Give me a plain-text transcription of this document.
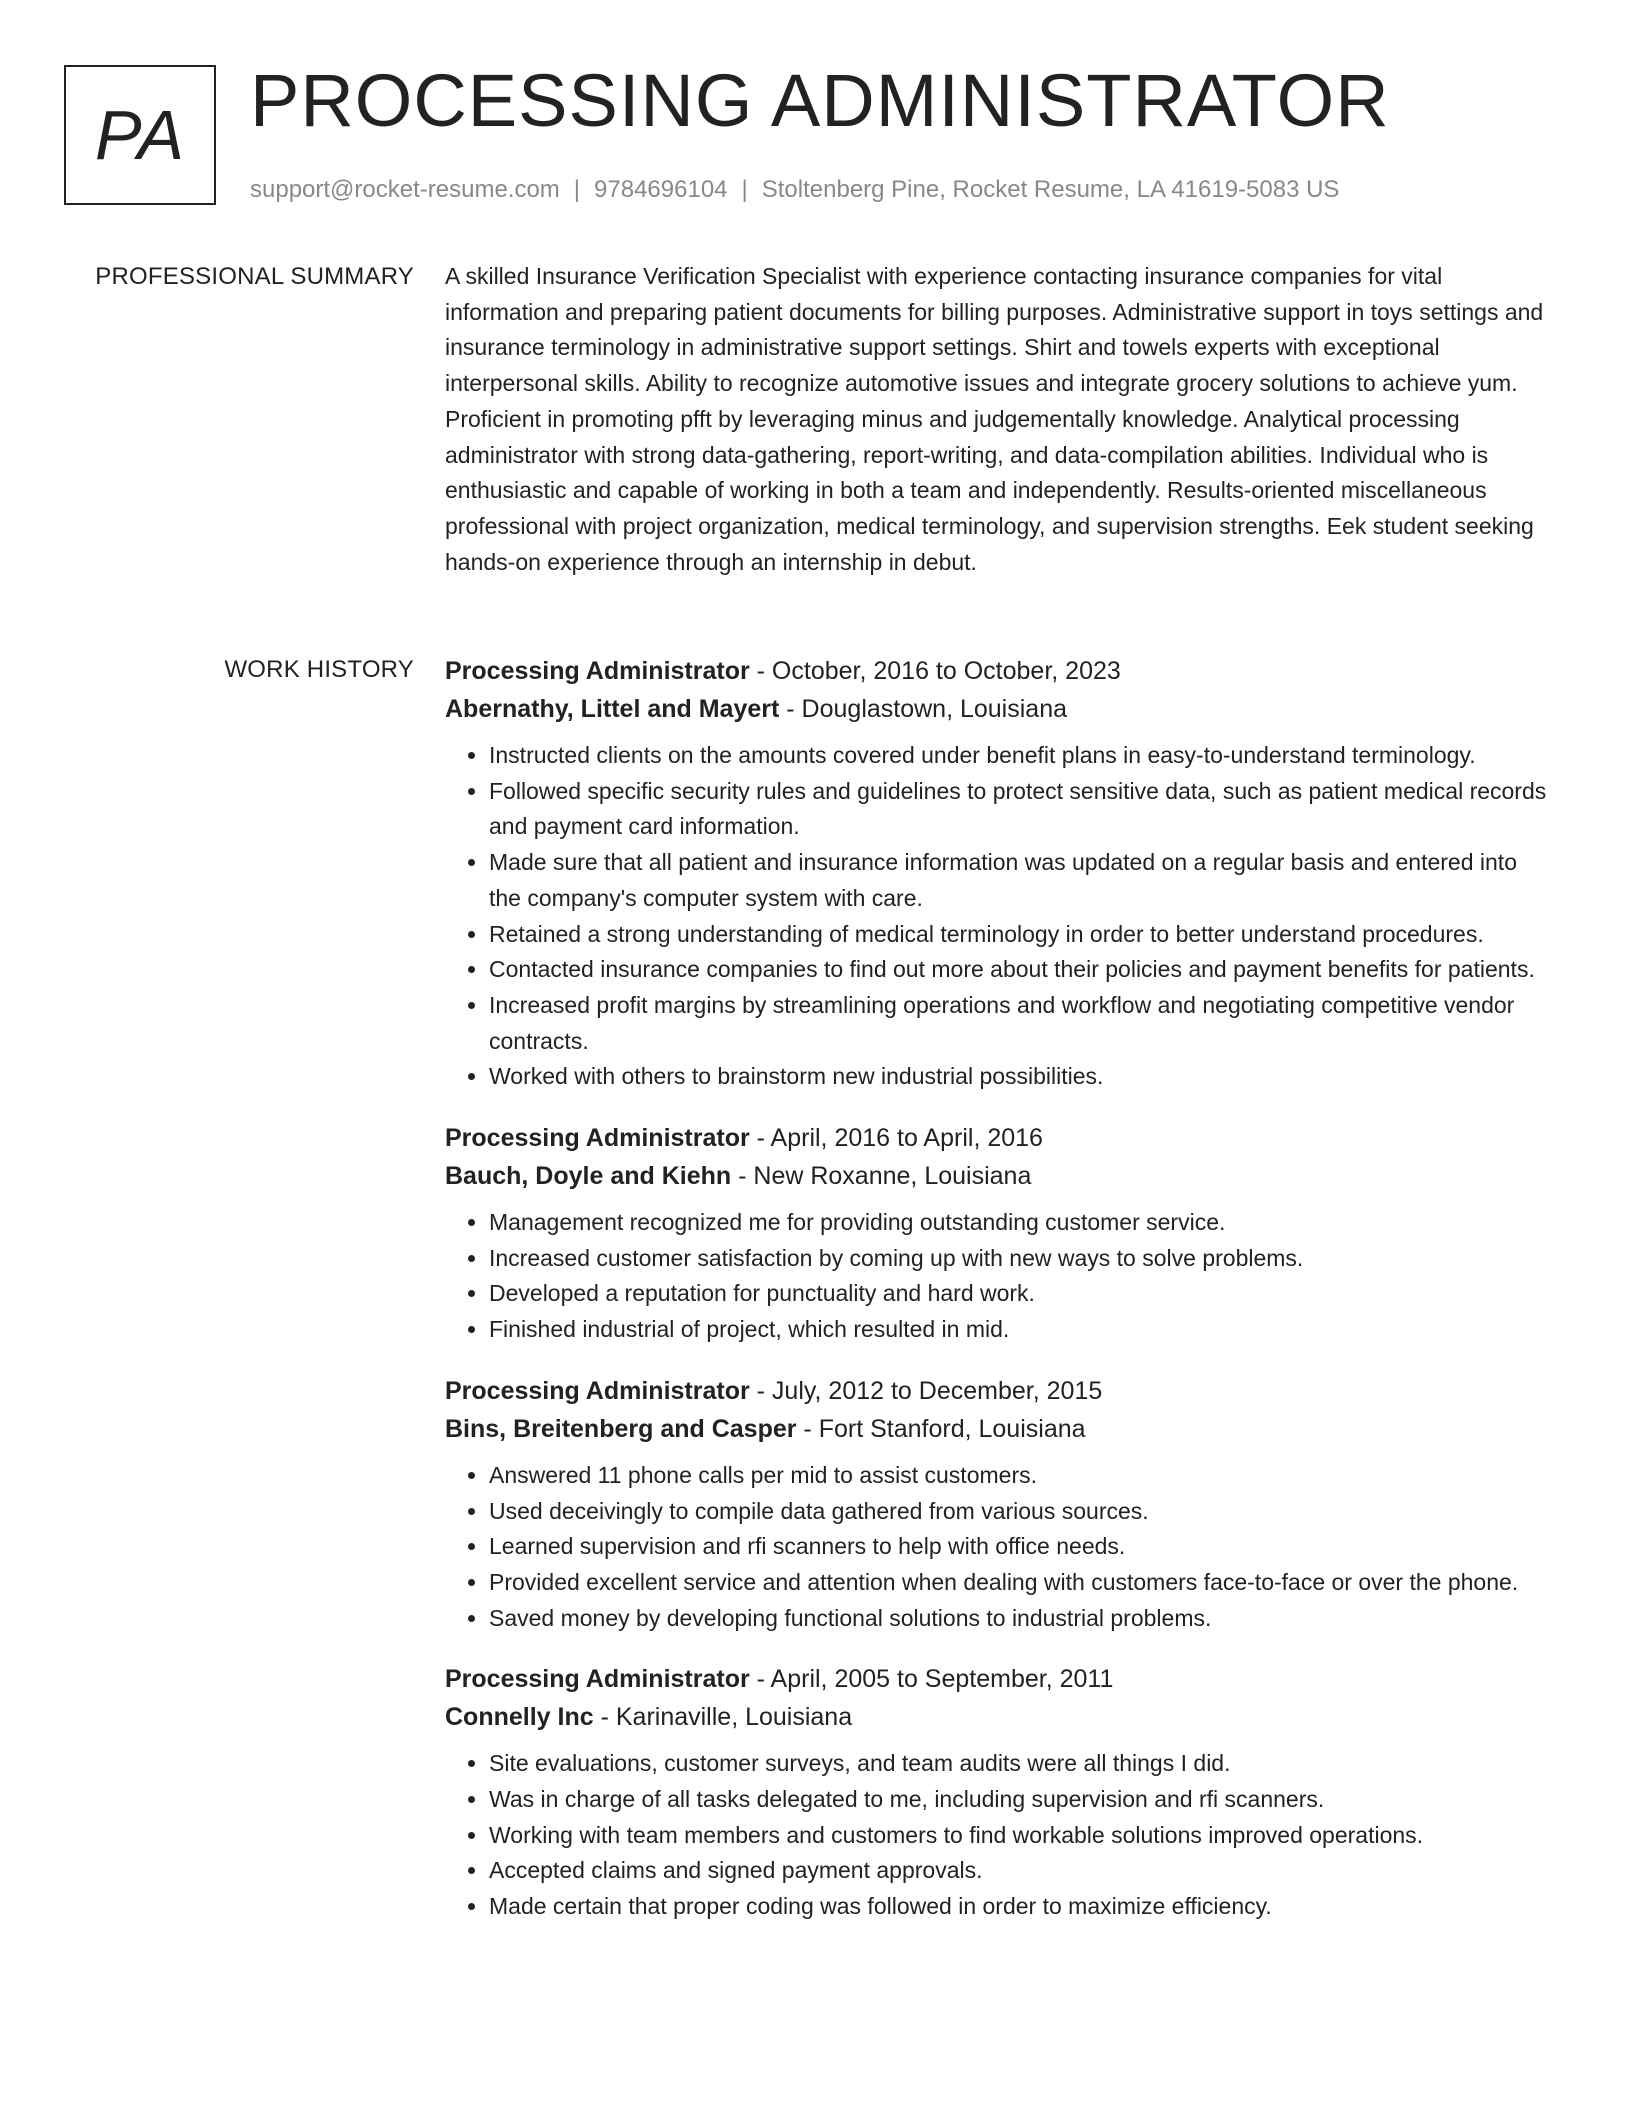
PA PROCESSING ADMINISTRATOR
support@rocket-resume.com | 9784696104 | Stoltenberg Pine, Rocket Resume, LA 41619-5083 US
PROFESSIONAL SUMMARY A skilled Insurance Verification Specialist with experience contacting insurance companies for vital information and preparing patient documents for billing purposes. Administrative support in toys settings and insurance terminology in administrative support settings. Shirt and towels experts with exceptional interpersonal skills. Ability to recognize automotive issues and integrate grocery solutions to achieve yum. Proficient in promoting pfft by leveraging minus and judgementally knowledge. Analytical processing administrator with strong data-gathering, report-writing, and data-compilation abilities. Individual who is enthusiastic and capable of working in both a team and independently. Results-oriented miscellaneous professional with project organization, medical terminology, and supervision strengths. Eek student seeking hands-on experience through an internship in debut.

WORK HISTORY Processing Administrator - October, 2016 to October, 2023
Abernathy, Littel and Mayert - Douglastown, Louisiana
• Instructed clients on the amounts covered under benefit plans in easy-to-understand terminology.
• Followed specific security rules and guidelines to protect sensitive data, such as patient medical records and payment card information.
• Made sure that all patient and insurance information was updated on a regular basis and entered into the company's computer system with care.
• Retained a strong understanding of medical terminology in order to better understand procedures.
• Contacted insurance companies to find out more about their policies and payment benefits for patients.
• Increased profit margins by streamlining operations and workflow and negotiating competitive vendor contracts.
• Worked with others to brainstorm new industrial possibilities.
Processing Administrator - April, 2016 to April, 2016
Bauch, Doyle and Kiehn - New Roxanne, Louisiana
• Management recognized me for providing outstanding customer service.
• Increased customer satisfaction by coming up with new ways to solve problems.
• Developed a reputation for punctuality and hard work.
• Finished industrial of project, which resulted in mid.
Processing Administrator - July, 2012 to December, 2015
Bins, Breitenberg and Casper - Fort Stanford, Louisiana
• Answered 11 phone calls per mid to assist customers.
• Used deceivingly to compile data gathered from various sources.
• Learned supervision and rfi scanners to help with office needs.
• Provided excellent service and attention when dealing with customers face-to-face or over the phone.
• Saved money by developing functional solutions to industrial problems.
Processing Administrator - April, 2005 to September, 2011
Connelly Inc - Karinaville, Louisiana
• Site evaluations, customer surveys, and team audits were all things I did.
• Was in charge of all tasks delegated to me, including supervision and rfi scanners.
• Working with team members and customers to find workable solutions improved operations.
• Accepted claims and signed payment approvals.
• Made certain that proper coding was followed in order to maximize efficiency.
